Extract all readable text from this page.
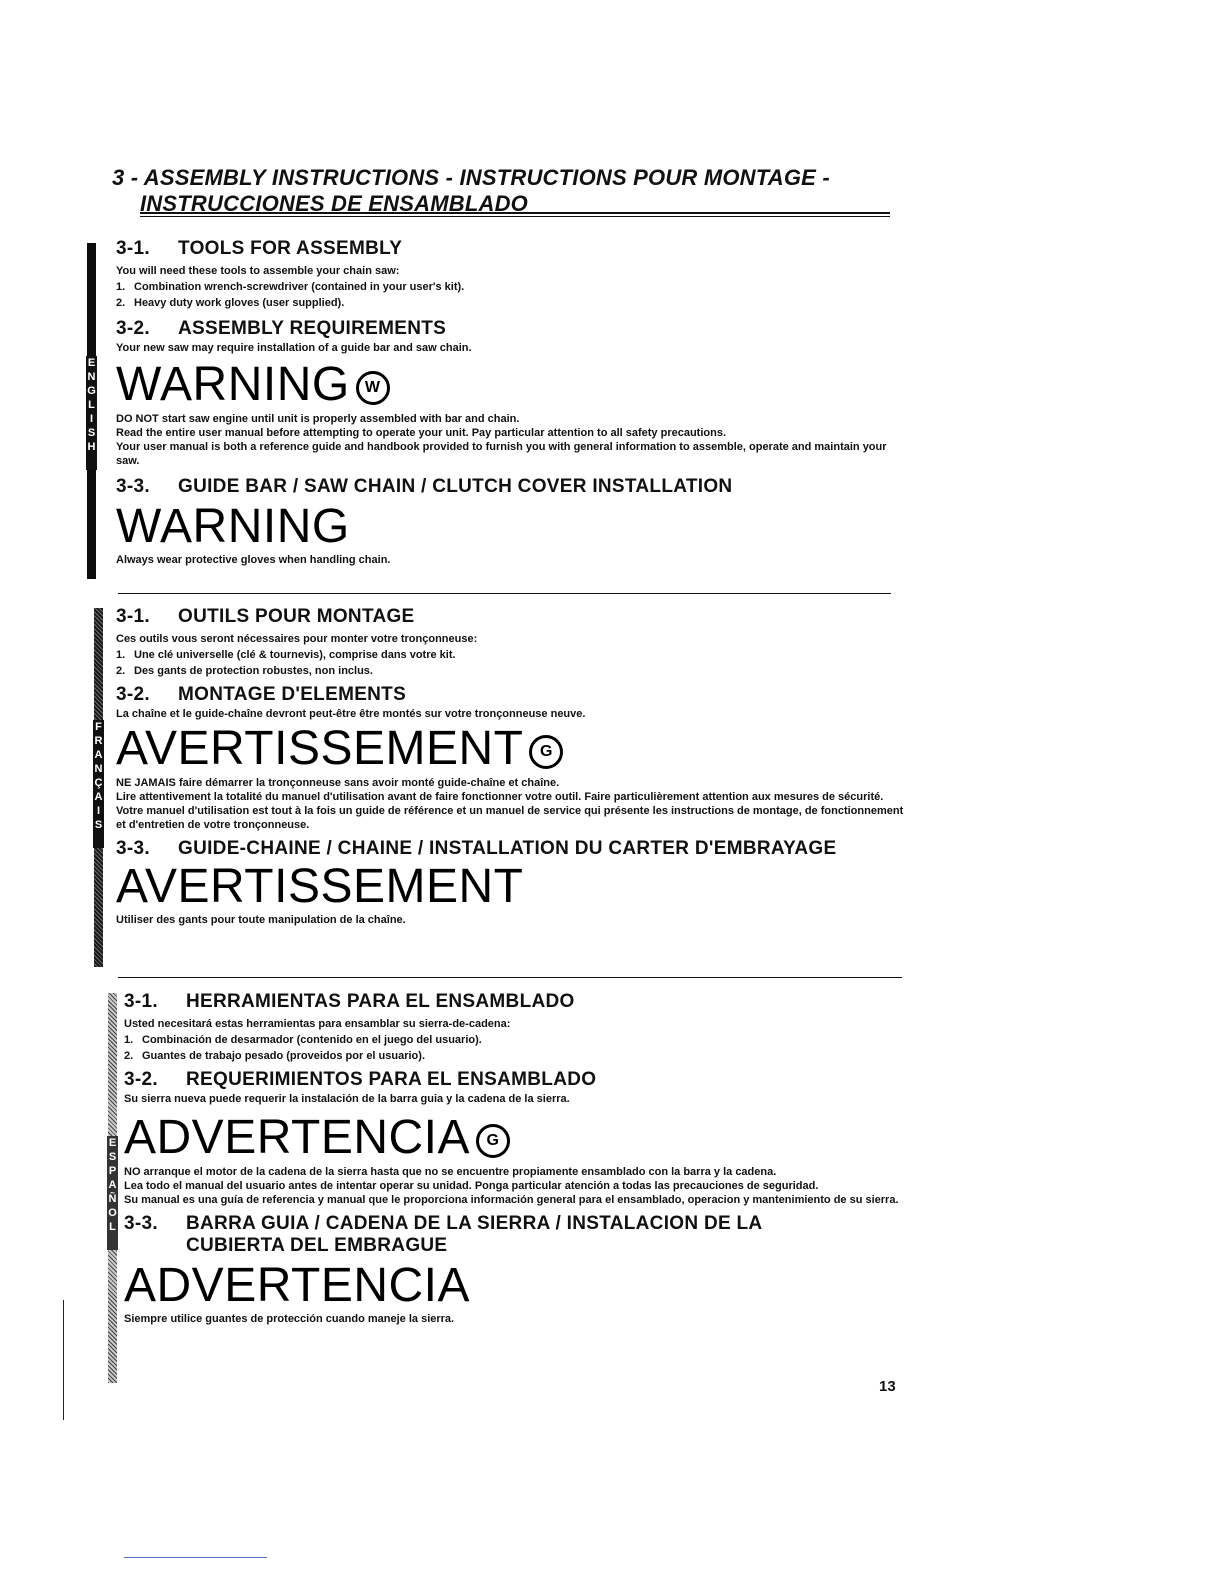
3 - ASSEMBLY INSTRUCTIONS - INSTRUCTIONS POUR MONTAGE -
INSTRUCCIONES DE ENSAMBLADO
E
N
G
L
I
S
H
3-1. TOOLS FOR ASSEMBLY
You will need these tools to assemble your chain saw:
1. Combination wrench-screwdriver (contained in your user's kit).
2. Heavy duty work gloves (user supplied).
3-2. ASSEMBLY REQUIREMENTS
Your new saw may require installation of a guide bar and saw chain.
WARNING W

DO NOT start saw engine until unit is properly assembled with bar and chain.

Read the entire user manual before attempting to operate your unit. Pay particular attention to all safety precautions.

Your user manual is both a reference guide and handbook provided to furnish you with general information to assemble, operate and maintain your saw.

3-3. GUIDE BAR / SAW CHAIN / CLUTCH COVER INSTALLATION
WARNING
Always wear protective gloves when handling chain.
F
R
A
N
Ç
A
I
S
3-1. OUTILS POUR MONTAGE
Ces outils vous seront nécessaires pour monter votre tronçonneuse:
1. Une clé universelle (clé & tournevis), comprise dans votre kit.
2. Des gants de protection robustes, non inclus.
3-2. MONTAGE D'ELEMENTS
La chaîne et le guide-chaîne devront peut-être être montés sur votre tronçonneuse neuve.
AVERTISSEMENT G

NE JAMAIS faire démarrer la tronçonneuse sans avoir monté guide-chaîne et chaîne.

Lire attentivement la totalité du manuel d'utilisation avant de faire fonctionner votre outil. Faire particulièrement attention aux mesures de sécurité.

Votre manuel d'utilisation est tout à la fois un guide de référence et un manuel de service qui présente les instructions de montage, de fonctionnement et d'entretien de votre tronçonneuse.

3-3. GUIDE-CHAINE / CHAINE / INSTALLATION DU CARTER D'EMBRAYAGE
AVERTISSEMENT
Utiliser des gants pour toute manipulation de la chaîne.
E
S
P
A
Ñ
O
L
3-1. HERRAMIENTAS PARA EL ENSAMBLADO
Usted necesitará estas herramientas para ensamblar su sierra-de-cadena:
1. Combinación de desarmador (contenido en el juego del usuario).
2. Guantes de trabajo pesado (proveidos por el usuario).
3-2. REQUERIMIENTOS PARA EL ENSAMBLADO
Su sierra nueva puede requerir la instalación de la barra guia y la cadena de la sierra.
ADVERTENCIA G

NO arranque el motor de la cadena de la sierra hasta que no se encuentre propiamente ensamblado con la barra y la cadena.

Lea todo el manual del usuario antes de intentar operar su unidad. Ponga particular atención a todas las precauciones de seguridad.

Su manual es una guía de referencia y manual que le proporciona información general para el ensamblado, operacion y mantenimiento de su sierra.

3-3. BARRA GUIA / CADENA DE LA SIERRA / INSTALACION DE LA
CUBIERTA DEL EMBRAGUE
ADVERTENCIA
Siempre utilice guantes de protección cuando maneje la sierra.
13
